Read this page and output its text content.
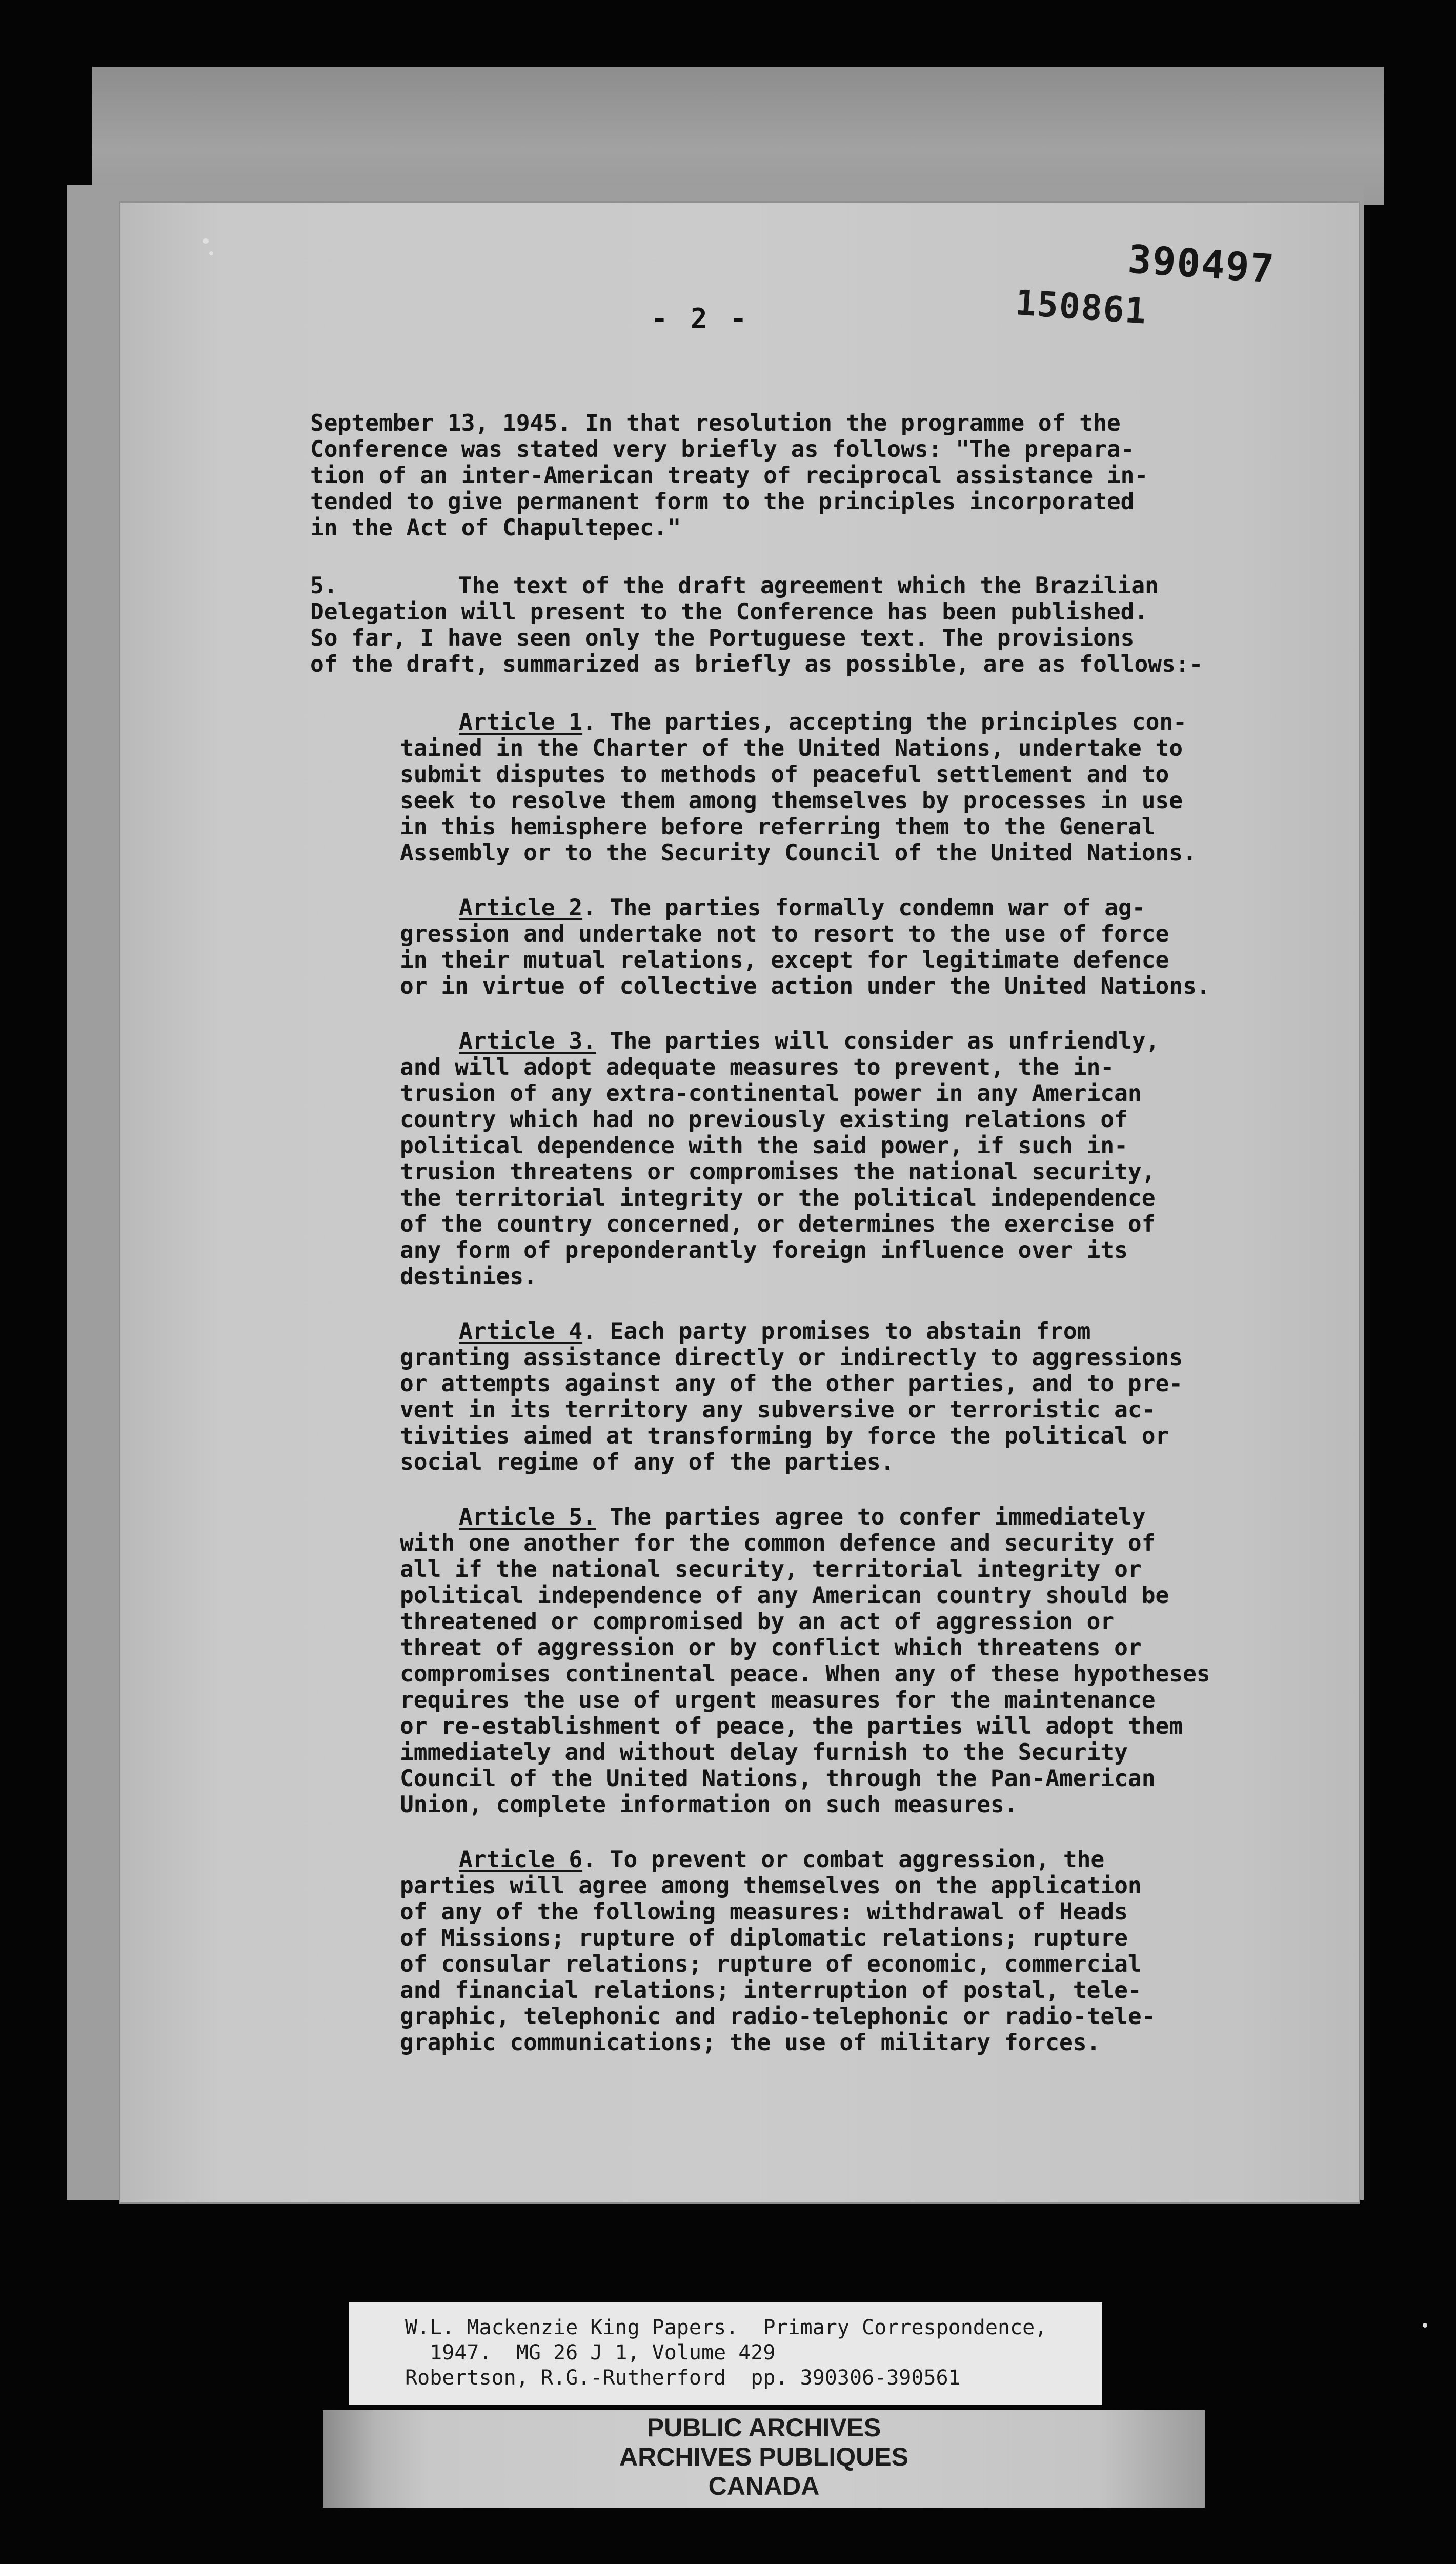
- 2 -
390497
150861

September 13, 1945. In that resolution the programme of the
Conference was stated very briefly as follows: "The prepara-
tion of an inter-American treaty of reciprocal assistance in-
tended to give permanent form to the principles incorporated
in the Act of Chapultepec."

5.	The text of the draft agreement which the Brazilian
Delegation will present to the Conference has been published.
So far, I have seen only the Portuguese text. The provisions
of the draft, summarized as briefly as possible, are as follows:-

Article 1. The parties, accepting the principles con-
tained in the Charter of the United Nations, undertake to
submit disputes to methods of peaceful settlement and to
seek to resolve them among themselves by processes in use
in this hemisphere before referring them to the General
Assembly or to the Security Council of the United Nations.

Article 2. The parties formally condemn war of ag-
gression and undertake not to resort to the use of force
in their mutual relations, except for legitimate defence
or in virtue of collective action under the United Nations.

Article 3. The parties will consider as unfriendly,
and will adopt adequate measures to prevent, the in-
trusion of any extra-continental power in any American
country which had no previously existing relations of
political dependence with the said power, if such in-
trusion threatens or compromises the national security,
the territorial integrity or the political independence
of the country concerned, or determines the exercise of
any form of preponderantly foreign influence over its
destinies.

Article 4. Each party promises to abstain from
granting assistance directly or indirectly to aggressions
or attempts against any of the other parties, and to pre-
vent in its territory any subversive or terroristic ac-
tivities aimed at transforming by force the political or
social regime of any of the parties.

Article 5. The parties agree to confer immediately
with one another for the common defence and security of
all if the national security, territorial integrity or
political independence of any American country should be
threatened or compromised by an act of aggression or
threat of aggression or by conflict which threatens or
compromises continental peace. When any of these hypotheses
requires the use of urgent measures for the maintenance
or re-establishment of peace, the parties will adopt them
immediately and without delay furnish to the Security
Council of the United Nations, through the Pan-American
Union, complete information on such measures.

Article 6. To prevent or combat aggression, the
parties will agree among themselves on the application
of any of the following measures: withdrawal of Heads
of Missions; rupture of diplomatic relations; rupture
of consular relations; rupture of economic, commercial
and financial relations; interruption of postal, tele-
graphic, telephonic and radio-telephonic or radio-tele-
graphic communications; the use of military forces.

W.L. Mackenzie King Papers.  Primary Correspondence,
1947.  MG 26 J 1, Volume 429
Robertson, R.G.-Rutherford  pp. 390306-390561
PUBLIC ARCHIVES
ARCHIVES PUBLIQUES
CANADA
